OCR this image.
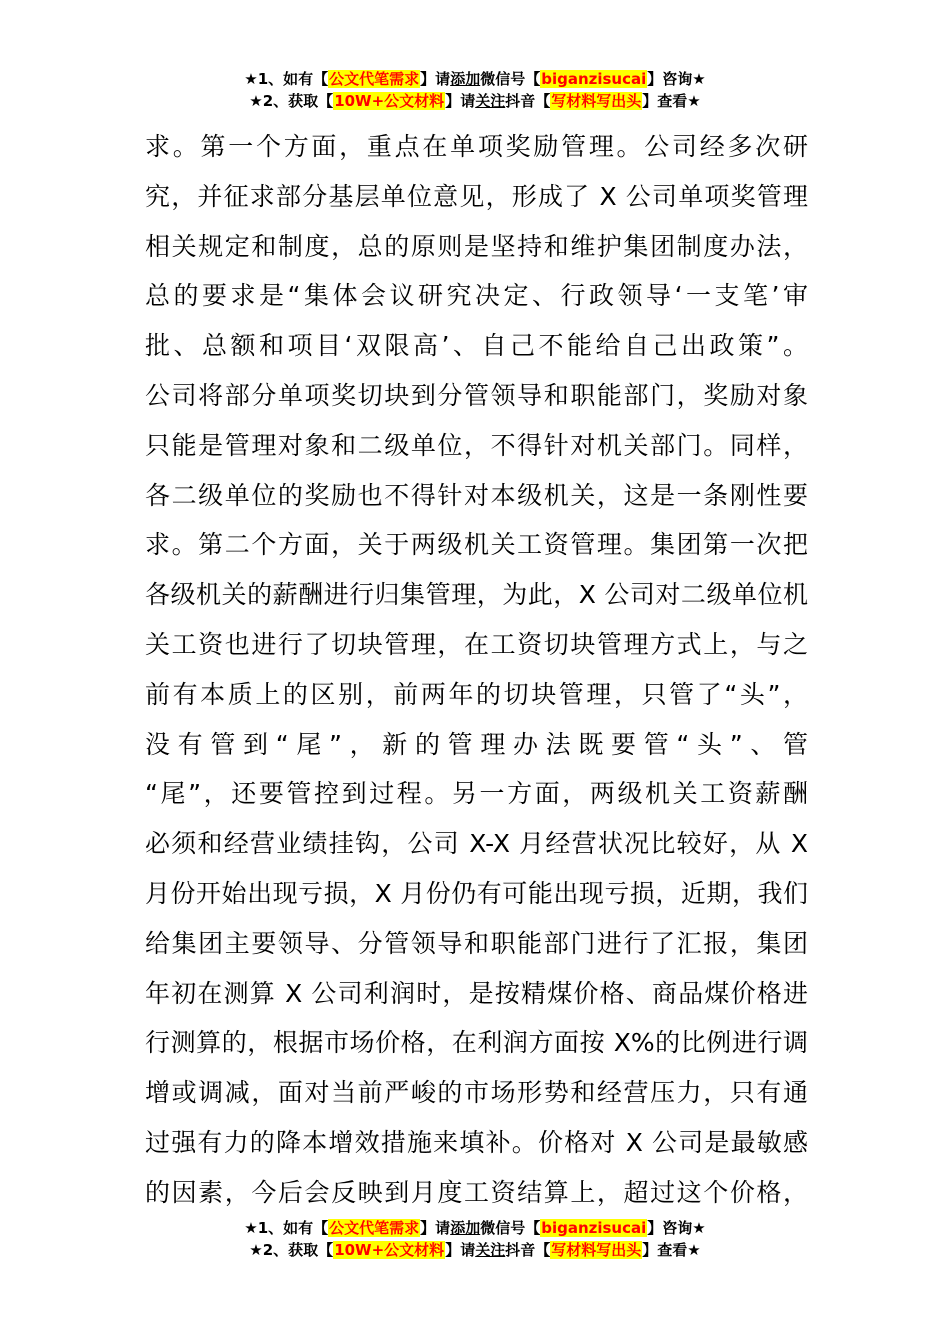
★1、如有【公文代笔需求】请添加微信号【biganzisucai】咨询★
★2、获取【10W+公文材料】请关注抖音【写材料写出头】查看★
求。第一个方面，重点在单项奖励管理。公司经多次研
究，并征求部分基层单位意见，形成了 X 公司单项奖管理
相关规定和制度，总的原则是坚持和维护集团制度办法，
总的要求是“集体会议研究决定、行政领导‘一支笔’审
批、总额和项目‘双限高’、自己不能给自己出政策”。
公司将部分单项奖切块到分管领导和职能部门，奖励对象
只能是管理对象和二级单位，不得针对机关部门。同样，
各二级单位的奖励也不得针对本级机关，这是一条刚性要
求。第二个方面，关于两级机关工资管理。集团第一次把
各级机关的薪酬进行归集管理，为此，X 公司对二级单位机
关工资也进行了切块管理，在工资切块管理方式上，与之
前有本质上的区别，前两年的切块管理，只管了“头”，
没有管到“尾”，新的管理办法既要管“头”、管
“尾”，还要管控到过程。另一方面，两级机关工资薪酬
必须和经营业绩挂钩，公司 X-X 月经营状况比较好，从 X
月份开始出现亏损，X 月份仍有可能出现亏损，近期，我们
给集团主要领导、分管领导和职能部门进行了汇报，集团
年初在测算 X 公司利润时，是按精煤价格、商品煤价格进
行测算的，根据市场价格，在利润方面按 X%的比例进行调
增或调减，面对当前严峻的市场形势和经营压力，只有通
过强有力的降本增效措施来填补。价格对 X 公司是最敏感
的因素，今后会反映到月度工资结算上，超过这个价格，
★1、如有【公文代笔需求】请添加微信号【biganzisucai】咨询★
★2、获取【10W+公文材料】请关注抖音【写材料写出头】查看★
